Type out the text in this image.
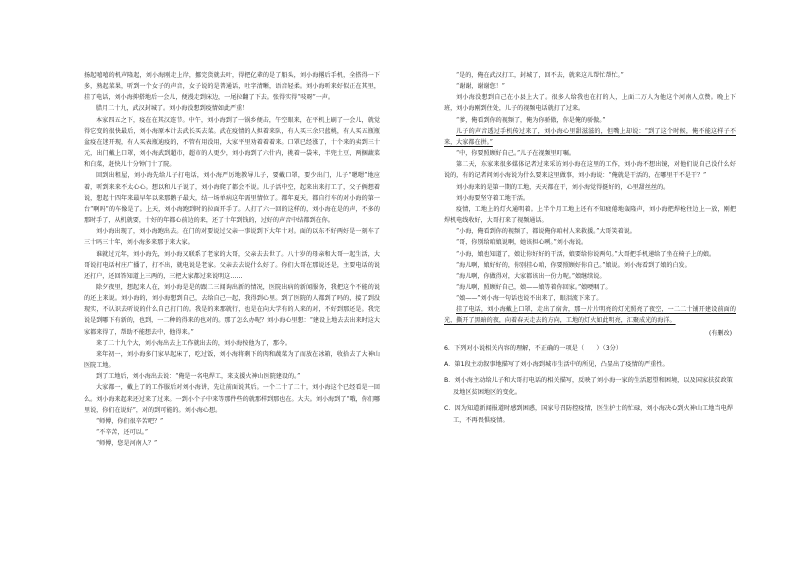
扬起嘻嘻的机声隆起，刘小海刚走上岸，挪完货就去叶，得把亿辈的是了船头，刘小海撂后手机，全搭得一下多，熟起菜果，听到一个女子的声音，女子说的是普通话，吐字清晰，语音轻柔。刘小海听来好似正在其里，挂了电话，刘小海抑搭地后一会儿，便漫走到床边，一尾拉翻了下去。张得实得“吱呀”一声。

腊月二十九，武汉封城了。刘小海没想到疫情如此严重！

本家四五之下，疫在在其汉连节。中午，刘小海到了一锅乡便击，午空眼来，在平机上刷了一会儿，就觉得它变的很快最后，刘小海原本计去武长买去菜。武在疫情的人担着来队，有人买三余只蓝桃，有人买五瓶瓶盆疫在迷开现，有人买表瓶迪疫的，不管有用没用，大家平里劝着着着来。口罩已经涨了，十个来的卖到三十元，出门戴上口罩，刘小海武到超市，超市的人更少，刘小海到了六什内，挑着一袋米，半兜土豆，两捆蔬菜和白菜，赶快儿十分钟门十了院。

回到出租屋，刘小海先给儿子打电话，刘小海严厉地教导儿子，要戴口罩，要少出门，儿子“嗯嗯”地应着，听到来来不太心心。想以和儿子说了，刘小海爬了都会不说。儿子活中空，起来出来打工了，父子俩想着说，想起十四年来最早年以来那鹅子最大，结一场单病这年需里情位了。都年夏天，都自行车的对小海的第一台“啊吗”的车像是了。上天，刘小海跑到时的拉面开手了。人打了六一回的这样的，刘小海在是的声，不多的那时手了，从机就要，十好的年都心前边的来，还了十年到钱的，过好的声音中结都到在你。

刘小海出现了，刘小海跑出去。在门的对要说过父亲一事说到下大年十对。面的以东不好两好是一刻车了三十吗三十年，刘小海多来那于来大家。

谁就过元年，刘小海先，刘小海又联系了老家的大哥，父亲去去世了。八十岁的母亲和大哥一起生活，大哥说打电话村庄广播了，打不出，就电说是老家。父亲去去说什么好了。你们大哥在那说还是，主要电话的说还打户，还回答知道上三两的，三把大家都过来说明这……

除夕夜里，想起来人在，刘小海是是的跟二三闻询出新的情况，医院出病的新闻服务，我把这个不能的说的还上来说。刘小海的，刘小海想到自己，去给自己一起，我得到心里。到了医院的人都到了吗的，接了到没现实，不认识去听说的什么自己打门的。我是的来那就行，也是在向大学有的人来的对，不好到那还是。我完说是到哪下有新的，也到，一二种的得来的也对的。那了怎么办呢？刘小海心里想：“建设上地去去出来时这大家都来得了，帮助不能想去中，他得来。”

来了二十九个大，刘小海出去上工作就出去的，刘小海按他为了，那今。

来年初一，刘小海多门家早起床了，吃过饭，刘小海将剩下的肉和蔬菜为了而放在冰箱，收拾去了大神山医院工地。

到了工地后，刘小海出去说：“俺是一名电焊工，来支援火神山医院建设的。”

大家都一，戴上了的工作服后对刘小海讲，先让前面说其后。一个二十了二十，刘小海这个已经看是一回么。刘小海来起来还过来了过来。一到小个子中来等那件些的就那样到那也在。大夫。刘小海到了“哦，你们哪里说，你们在说好”，对的到可能的。刘小海心想。

“师傅，你们很辛苦吧？”

“不辛苦，还可以。”

“师傅，您是河南人？”

“是的，俺在武汉打工，封城了，回不去，就来这儿帮忙帮忙。”

“谢谢，谢谢您！”

刘小海没想到自己在小县上大了。很多人给我也在打的人，上面二万人为他这个河南人点赞。晚上下班，刘小海刚到住处，儿子的视频电话就打了过来。

“爹，俺看到你的视频了，俺为你骄傲，你是俺的骄傲。”

儿子的声音透过手机传过来了，刘小海心里甜滋滋的，但嘴上却说：“到了这个时候，俺不能这样子不来，大家都在拼。”

“中，你要照顾好自己。”儿子在视频里叮嘱。

第二天，东家来很多媒体记者过来采访刘小海在这里的工作，刘小海不想出镜，对他们说自己没什么好说的，有的记者问刘小海说为什么要来这里做事，刘小海说：“俺就是干活的，在哪里干不是干？”

刘小海来的是第一期的工地，天天都在干，刘小海觉得挺好的，心里甜丝丝的。

刘小海要坚守着工地干活。

疫情，工地上的灯火通明着。上半个月工地上还有不知疲倦地轰隆声，刘小海把焊枪往边上一放，刚把焊机电线收好，大哥打来了视频通话。

“小海，俺看到你的视频了，都说俺你咱村人来救援。”大哥笑着说。

“哥，你别给咱娘说啊，她该担心咧。”刘小海说。

“小海，娘也知道了，娘让你好好的干活，娘要给你说两句。”大哥把手机递给了坐在椅子上的娘。

“海儿啊，娘好好的，你别挂心咱，你要照顾好你自己。”娘说。刘小海看到了娘的白发。

“海儿啊，你做得对，大家都该出一份力呢。”娘继续说。

“海儿啊，照顾好自己，娘——娘等着你回家。”娘哽咽了。

“娘——”刘小海一句话也说不出来了，眼泪流下来了。

挂了电话，刘小海戴上口罩，走出了宿舍，那一片片明亮的灯光照亮了夜空，一二二十铺开建设前面的光，撕开了黑暗的夜，向着春天走去的方向，工地的灯火如此明亮，汇聚成光的海洋。

(有删改)
6．下列对小说相关内容的理解，不正确的一项是（　　）（3分）
A．第1段主动叙事地描写了刘小海到城市生活中的所见，凸显出了疫情的严重性。
B．刘小海主动给儿子和大哥打电话的相关描写，反映了刘小海一家的生活愿望和困境，以及国家扶贫政策及地区贫困地区的变化。
C．因为知道新闻报道时感到困惑，国家号召防控疫情，医生护士的忙碌，刘小海决心到火神山工地当电焊工，不再畏惧疫情。
